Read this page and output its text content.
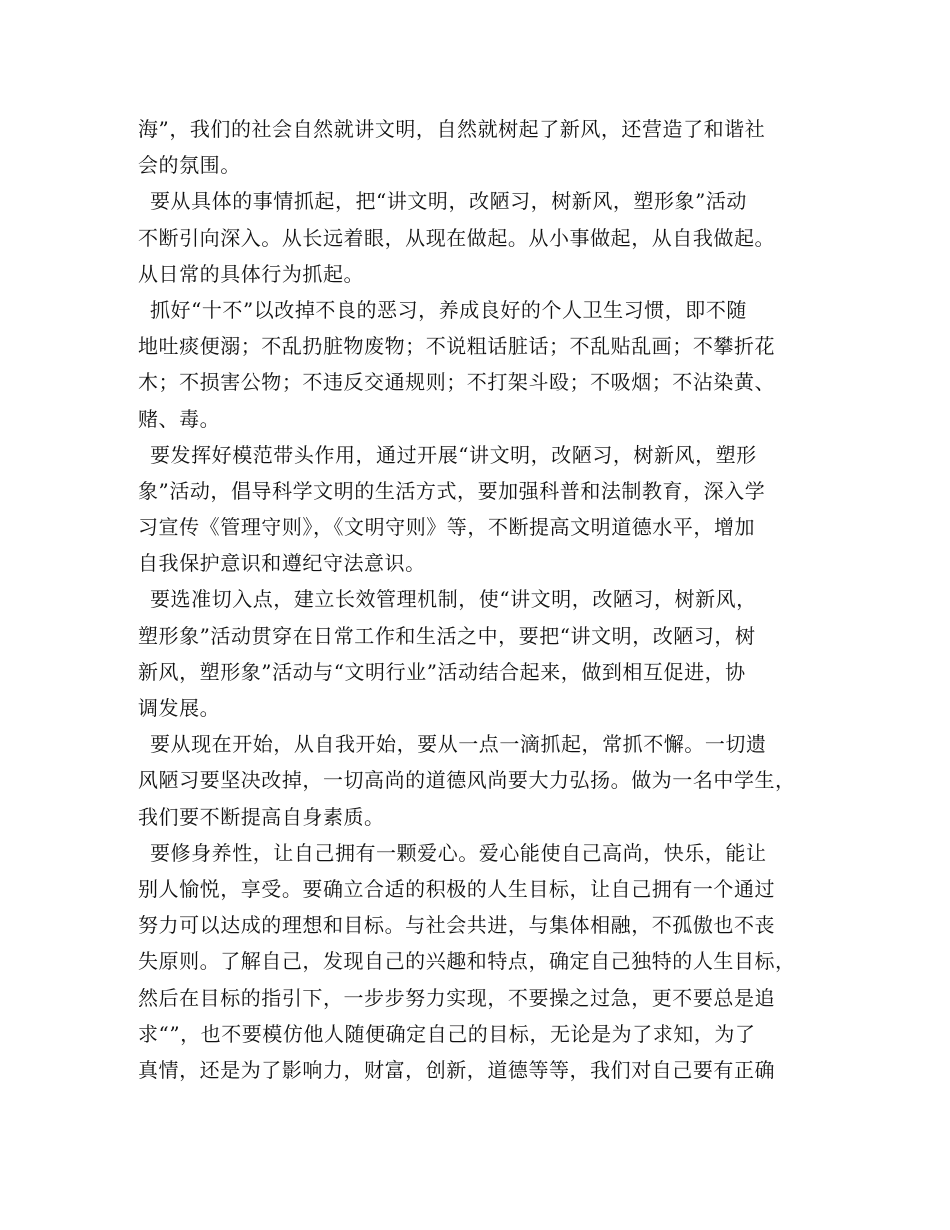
海”，我们的社会自然就讲文明，自然就树起了新风，还营造了和谐社
会的氛围。
要从具体的事情抓起，把“讲文明，改陋习，树新风，塑形象”活动
不断引向深入。从长远着眼，从现在做起。从小事做起，从自我做起。
从日常的具体行为抓起。
抓好“十不”以改掉不良的恶习，养成良好的个人卫生习惯，即不随
地吐痰便溺；不乱扔脏物废物；不说粗话脏话；不乱贴乱画；不攀折花
木；不损害公物；不违反交通规则；不打架斗殴；不吸烟；不沾染黄、
赌、毒。
要发挥好模范带头作用，通过开展“讲文明，改陋习，树新风，塑形
象”活动，倡导科学文明的生活方式，要加强科普和法制教育，深入学
习宣传《管理守则》，《文明守则》等，不断提高文明道德水平，增加
自我保护意识和遵纪守法意识。
要选准切入点，建立长效管理机制，使“讲文明，改陋习，树新风，
塑形象”活动贯穿在日常工作和生活之中，要把“讲文明，改陋习，树
新风，塑形象”活动与“文明行业”活动结合起来，做到相互促进，协
调发展。
要从现在开始，从自我开始，要从一点一滴抓起，常抓不懈。一切遗
风陋习要坚决改掉，一切高尚的道德风尚要大力弘扬。做为一名中学生，
我们要不断提高自身素质。
要修身养性，让自己拥有一颗爱心。爱心能使自己高尚，快乐，能让
别人愉悦，享受。要确立合适的积极的人生目标，让自己拥有一个通过
努力可以达成的理想和目标。与社会共进，与集体相融，不孤傲也不丧
失原则。了解自己，发现自己的兴趣和特点，确定自己独特的人生目标，
然后在目标的指引下，一步步努力实现，不要操之过急，更不要总是追
求“”，也不要模仿他人随便确定自己的目标，无论是为了求知，为了
真情，还是为了影响力，财富，创新，道德等等，我们对自己要有正确
